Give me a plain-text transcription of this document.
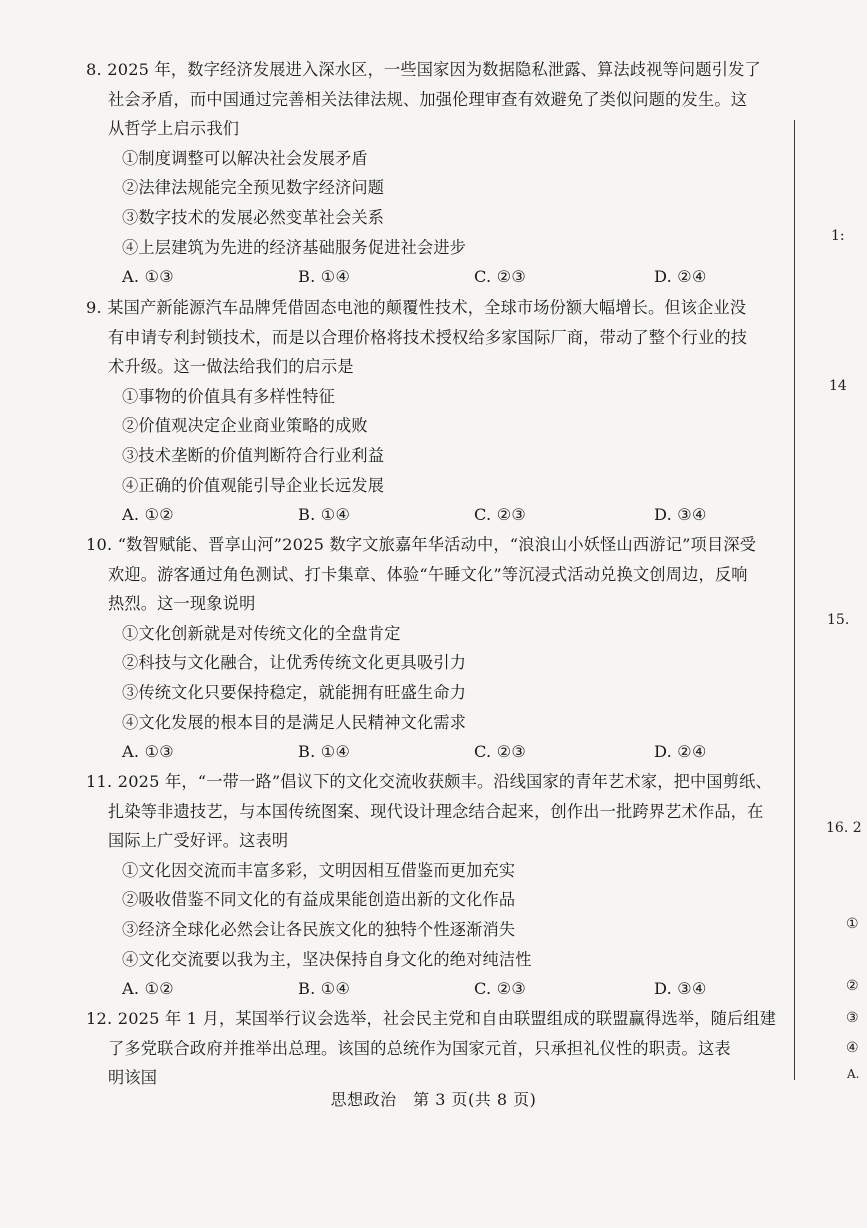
8. 2025 年，数字经济发展进入深水区，一些国家因为数据隐私泄露、算法歧视等问题引发了

社会矛盾，而中国通过完善相关法律法规、加强伦理审查有效避免了类似问题的发生。这

从哲学上启示我们

①制度调整可以解决社会发展矛盾

②法律法规能完全预见数字经济问题

③数字技术的发展必然变革社会关系

④上层建筑为先进的经济基础服务促进社会进步

A. ①③	B. ①④	C. ②③	D. ②④

9. 某国产新能源汽车品牌凭借固态电池的颠覆性技术，全球市场份额大幅增长。但该企业没

有申请专利封锁技术，而是以合理价格将技术授权给多家国际厂商，带动了整个行业的技

术升级。这一做法给我们的启示是

①事物的价值具有多样性特征

②价值观决定企业商业策略的成败

③技术垄断的价值判断符合行业利益

④正确的价值观能引导企业长远发展

A. ①②	B. ①④	C. ②③	D. ③④

10. “数智赋能、晋享山河”2025 数字文旅嘉年华活动中，“浪浪山小妖怪山西游记”项目深受

欢迎。游客通过角色测试、打卡集章、体验“午睡文化”等沉浸式活动兑换文创周边，反响

热烈。这一现象说明

①文化创新就是对传统文化的全盘肯定

②科技与文化融合，让优秀传统文化更具吸引力

③传统文化只要保持稳定，就能拥有旺盛生命力

④文化发展的根本目的是满足人民精神文化需求

A. ①③	B. ①④	C. ②③	D. ②④

11. 2025 年，“一带一路”倡议下的文化交流收获颇丰。沿线国家的青年艺术家，把中国剪纸、

扎染等非遗技艺，与本国传统图案、现代设计理念结合起来，创作出一批跨界艺术作品，在

国际上广受好评。这表明

①文化因交流而丰富多彩，文明因相互借鉴而更加充实

②吸收借鉴不同文化的有益成果能创造出新的文化作品

③经济全球化必然会让各民族文化的独特个性逐渐消失

④文化交流要以我为主，坚决保持自身文化的绝对纯洁性

A. ①②	B. ①④	C. ②③	D. ③④

12. 2025 年 1 月，某国举行议会选举，社会民主党和自由联盟组成的联盟赢得选举，随后组建

了多党联合政府并推举出总理。该国的总统作为国家元首，只承担礼仪性的职责。这表

明该国

思想政治　第 3 页(共 8 页)
1:
14
15.
16. 2
①
②
③
④
A.
